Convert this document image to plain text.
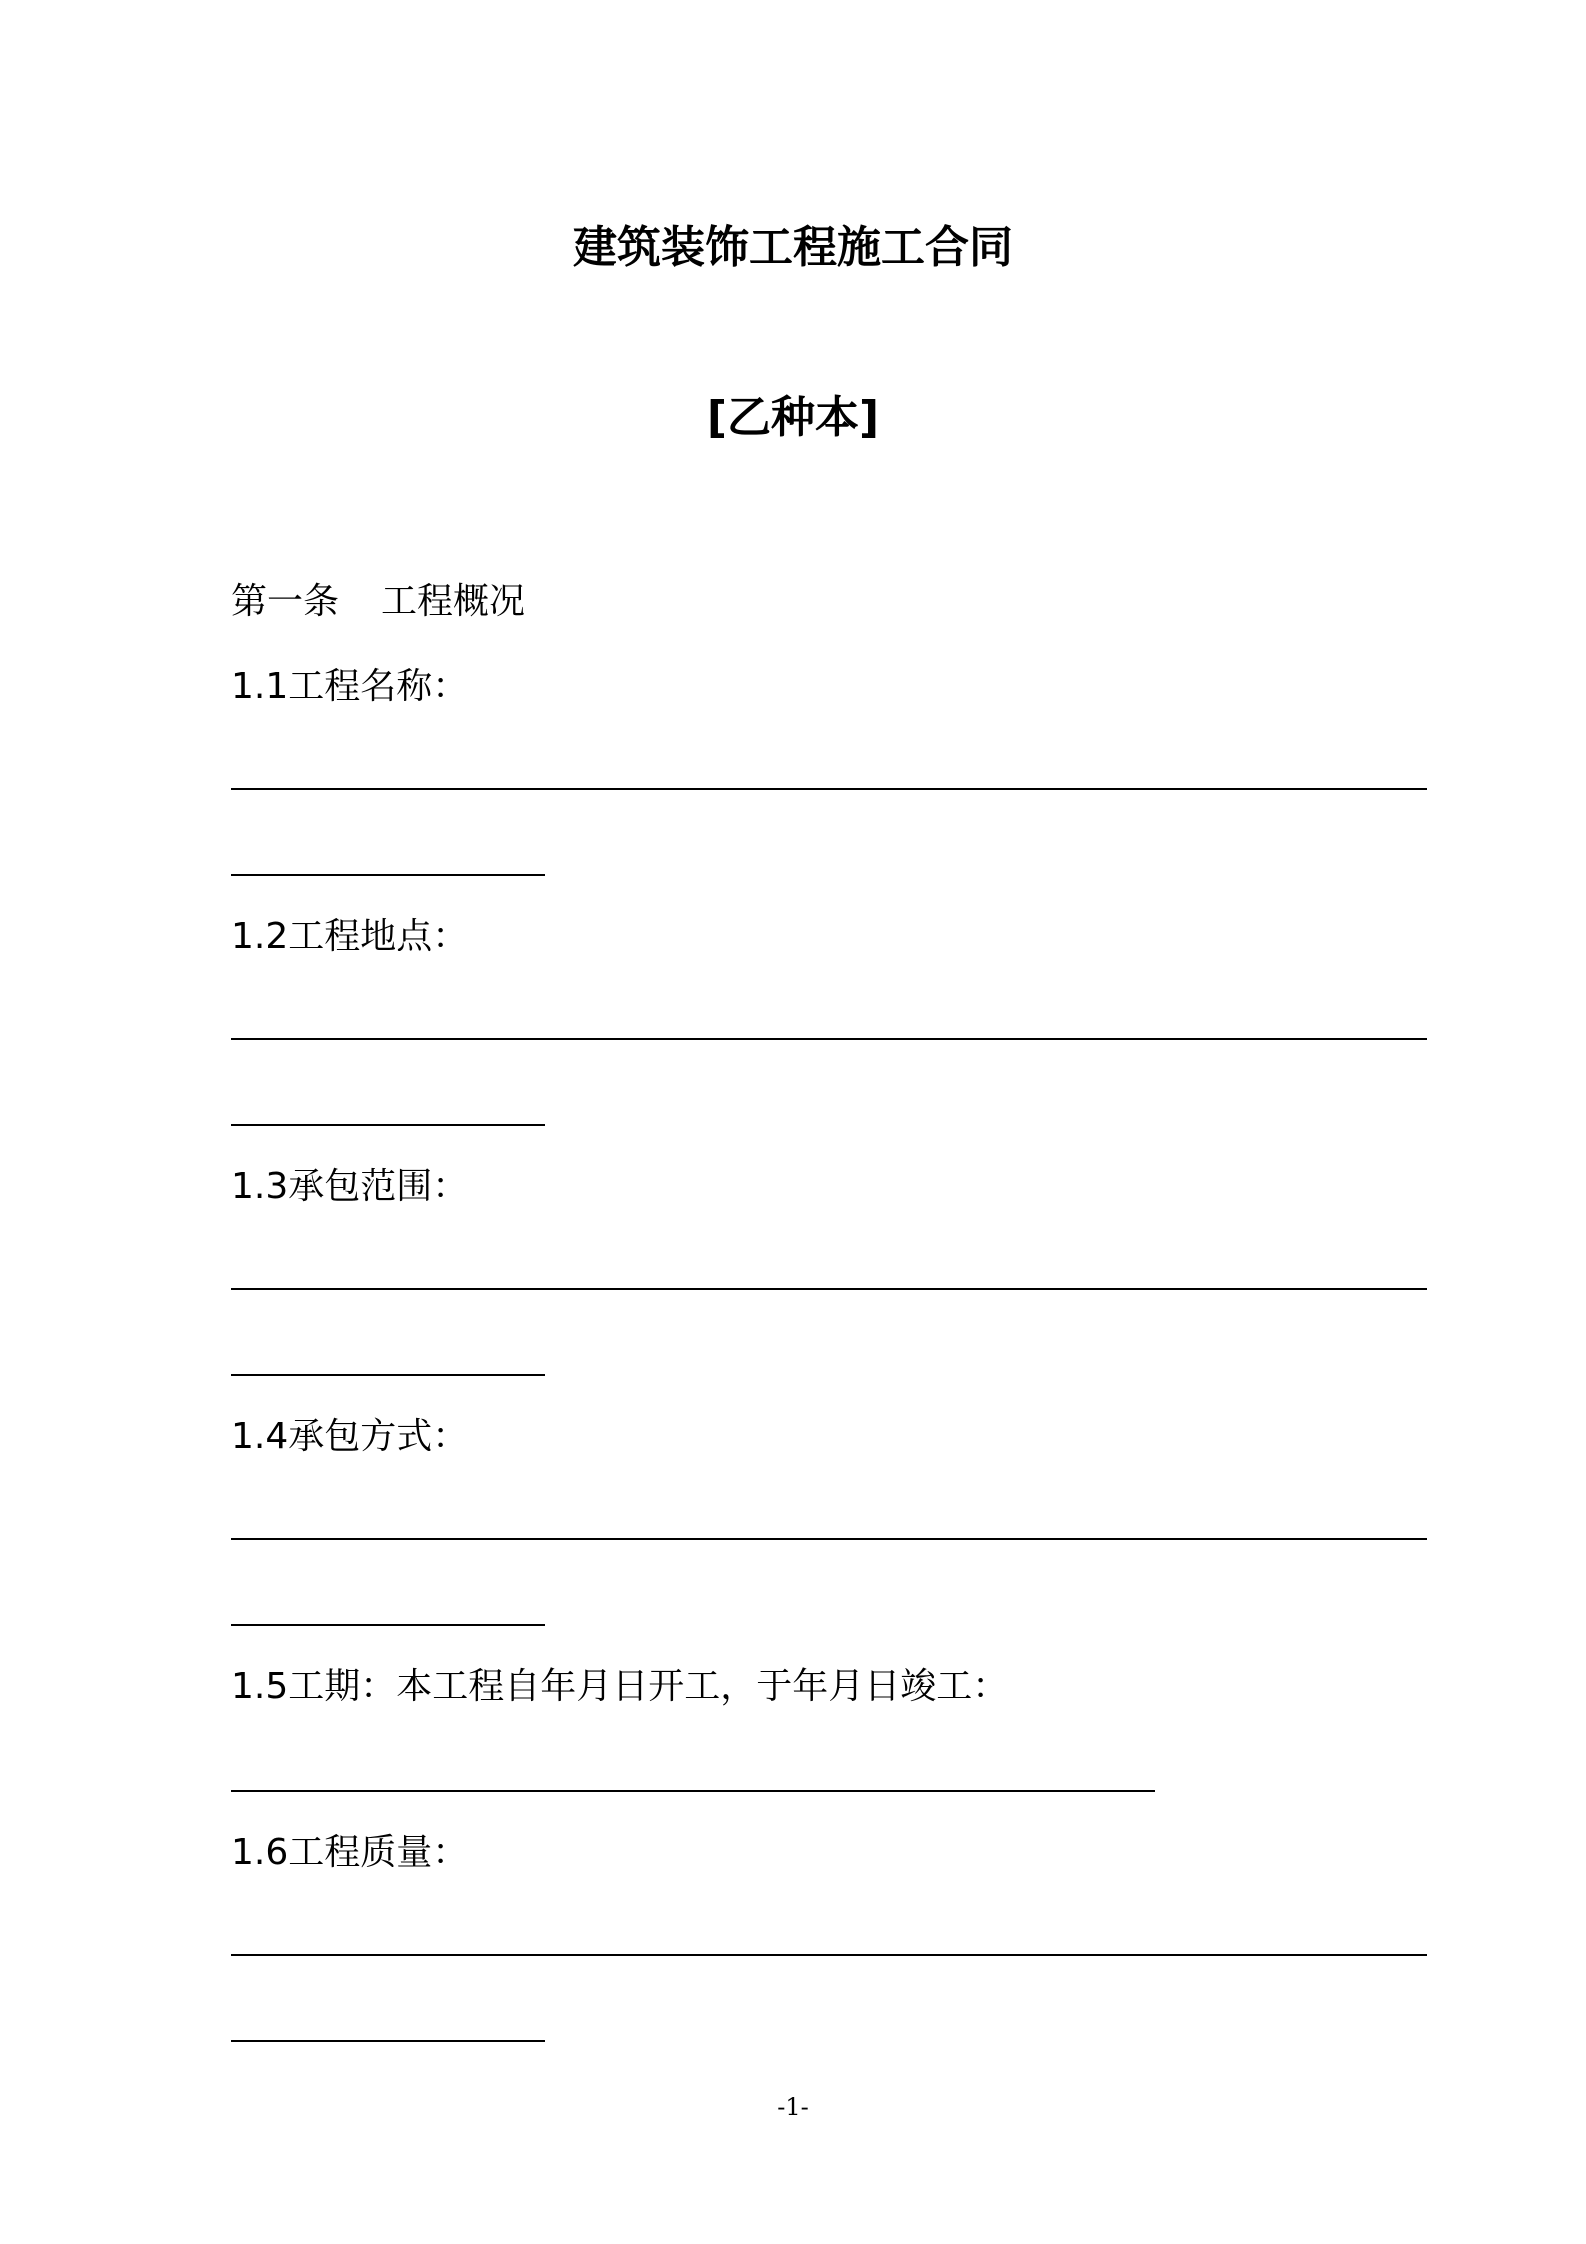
建筑装饰工程施工合同
[乙种本]
第一条 工程概况
1.1工程名称：
1.2工程地点：
1.3承包范围：
1.4承包方式：
1.5工期：本工程自年月日开工，于年月日竣工：
1.6工程质量：
-1-
